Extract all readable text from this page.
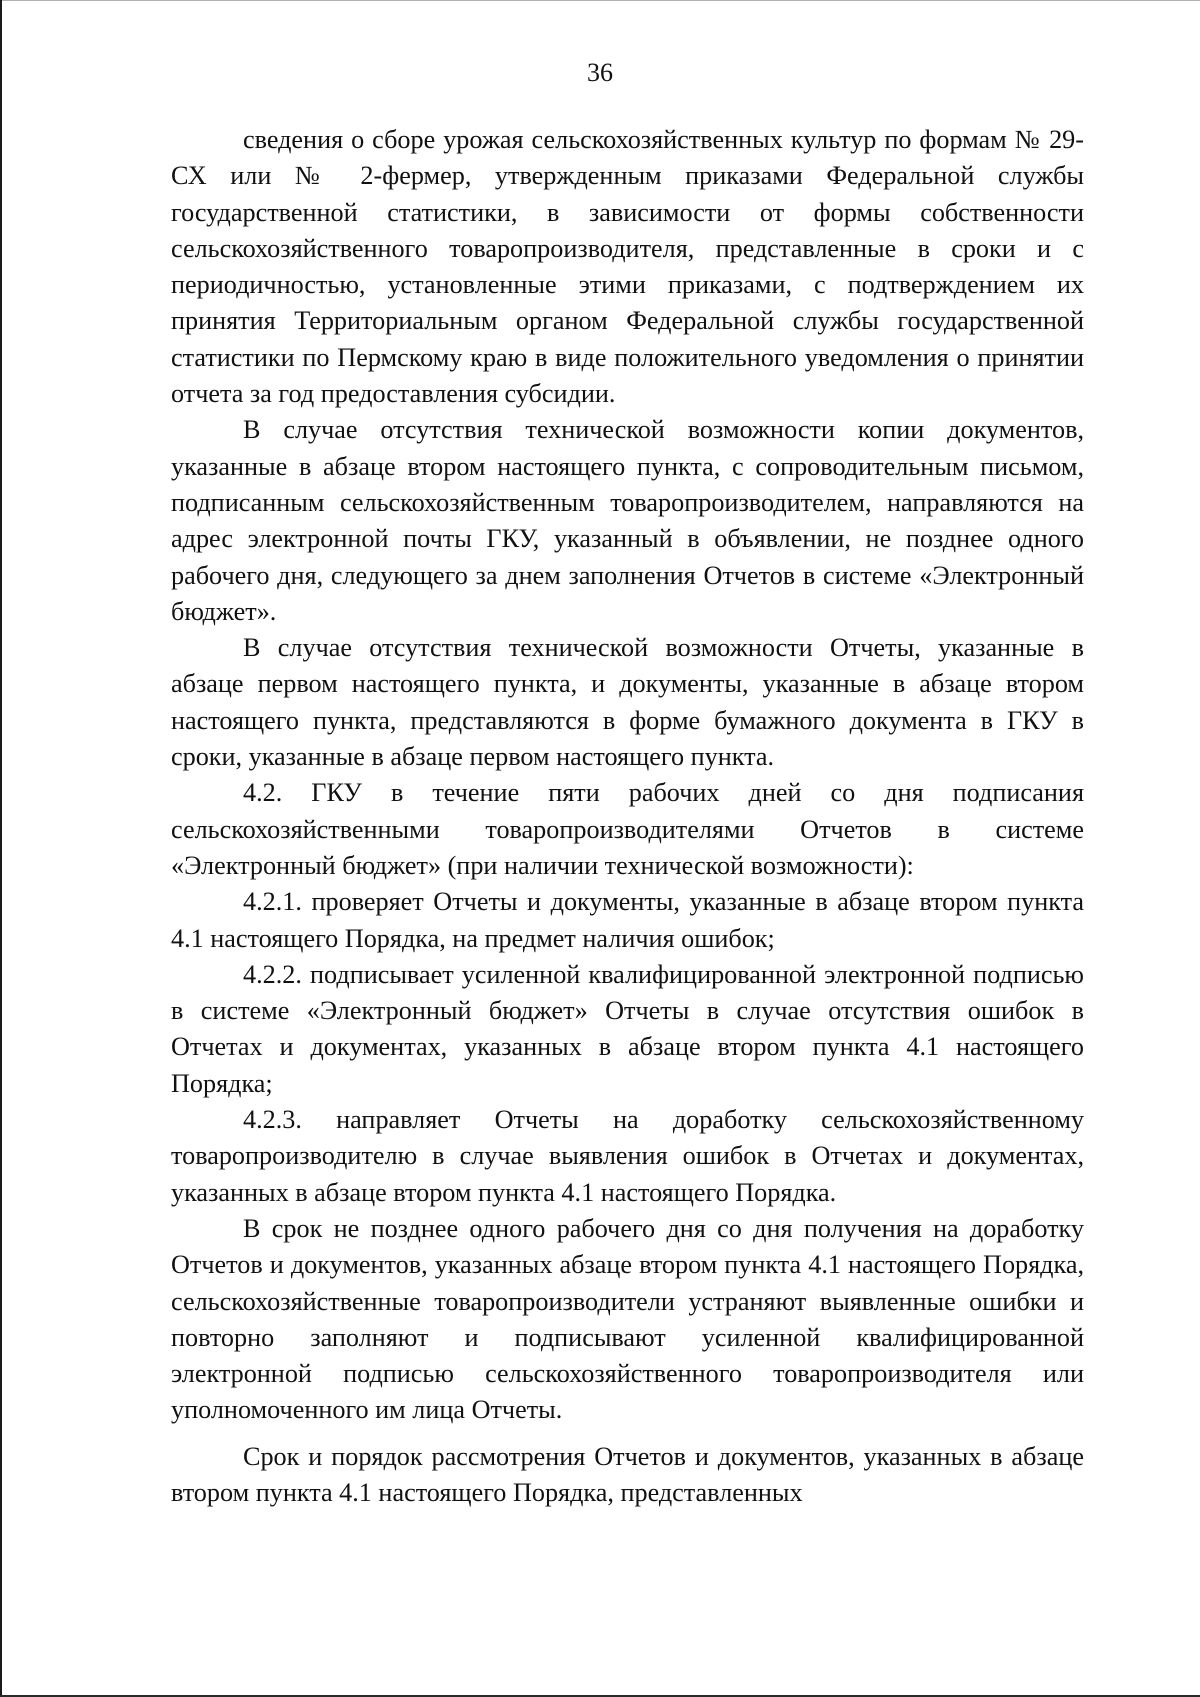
36

сведения о сборе урожая сельскохозяйственных культур по формам № 29-СХ или № 2-фермер, утвержденным приказами Федеральной службы государственной статистики, в зависимости от формы собственности сельскохозяйственного товаропроизводителя, представленные в сроки и с периодичностью, установленные этими приказами, с подтверждением их принятия Территориальным органом Федеральной службы государственной статистики по Пермскому краю в виде положительного уведомления о принятии отчета за год предоставления субсидии.

В случае отсутствия технической возможности копии документов, указанные в абзаце втором настоящего пункта, с сопроводительным письмом, подписанным сельскохозяйственным товаропроизводителем, направляются на адрес электронной почты ГКУ, указанный в объявлении, не позднее одного рабочего дня, следующего за днем заполнения Отчетов в системе «Электронный бюджет».

В случае отсутствия технической возможности Отчеты, указанные в абзаце первом настоящего пункта, и документы, указанные в абзаце втором настоящего пункта, представляются в форме бумажного документа в ГКУ в сроки, указанные в абзаце первом настоящего пункта.

4.2. ГКУ в течение пяти рабочих дней со дня подписания сельскохозяйственными товаропроизводителями Отчетов в системе «Электронный бюджет» (при наличии технической возможности):

4.2.1. проверяет Отчеты и документы, указанные в абзаце втором пункта 4.1 настоящего Порядка, на предмет наличия ошибок;

4.2.2. подписывает усиленной квалифицированной электронной подписью в системе «Электронный бюджет» Отчеты в случае отсутствия ошибок в Отчетах и документах, указанных в абзаце втором пункта 4.1 настоящего Порядка;

4.2.3. направляет Отчеты на доработку сельскохозяйственному товаропроизводителю в случае выявления ошибок в Отчетах и документах, указанных в абзаце втором пункта 4.1 настоящего Порядка.

В срок не позднее одного рабочего дня со дня получения на доработку Отчетов и документов, указанных абзаце втором пункта 4.1 настоящего Порядка, сельскохозяйственные товаропроизводители устраняют выявленные ошибки и повторно заполняют и подписывают усиленной квалифицированной электронной подписью сельскохозяйственного товаропроизводителя или уполномоченного им лица Отчеты.

Срок и порядок рассмотрения Отчетов и документов, указанных в абзаце втором пункта 4.1 настоящего Порядка, представленных
